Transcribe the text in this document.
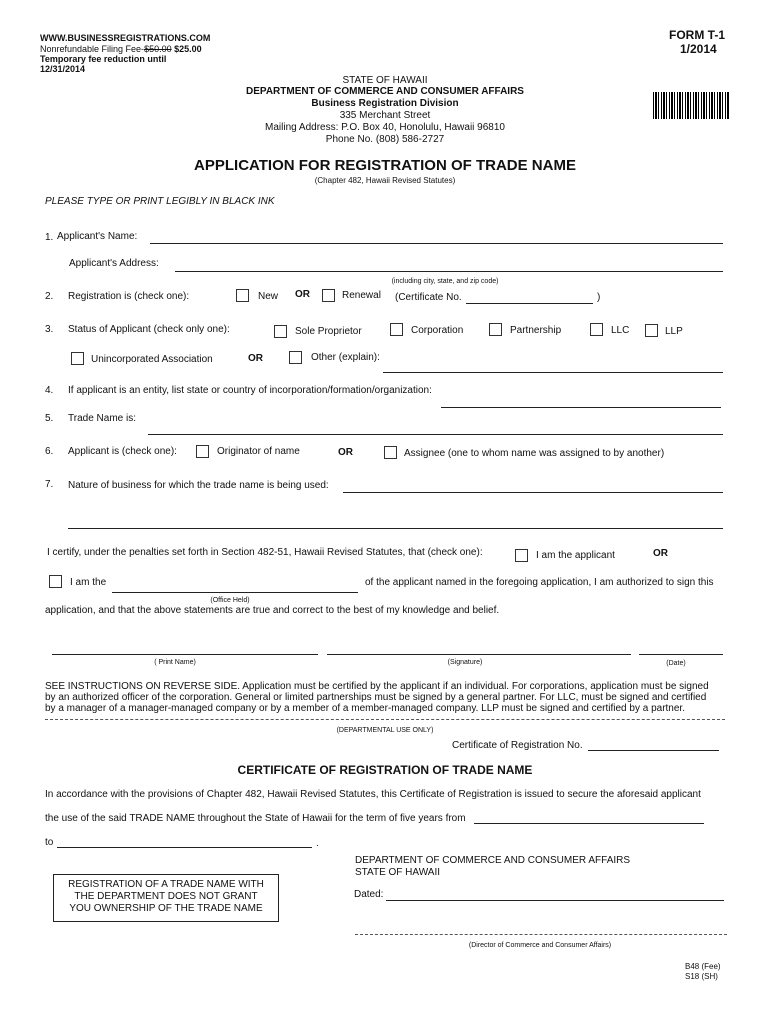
WWW.BUSINESSREGISTRATIONS.COM
Nonrefundable Filing Fee-$50.00 $25.00
Temporary fee reduction until
12/31/2014
FORM T-1
1/2014
STATE OF HAWAII
DEPARTMENT OF COMMERCE AND CONSUMER AFFAIRS
Business Registration Division
335 Merchant Street
Mailing Address: P.O. Box 40, Honolulu, Hawaii 96810
Phone No. (808) 586-2727
APPLICATION FOR REGISTRATION OF TRADE NAME
(Chapter 482, Hawaii Revised Statutes)
PLEASE TYPE OR PRINT LEGIBLY IN BLACK INK
1. Applicant's Name:
Applicant's Address:
(including city, state, and zip code)
2. Registration is (check one):	New OR	Renewal (Certificate No.	)
3. Status of Applicant (check only one):	Sole Proprietor	Corporation	Partnership	LLC	LLP
Unincorporated Association	OR	Other (explain):
4. If applicant is an entity, list state or country of incorporation/formation/organization:
5. Trade Name is:
6. Applicant is (check one):	Originator of name	OR	Assignee (one to whom name was assigned to by another)
7. Nature of business for which the trade name is being used:
I certify, under the penalties set forth in Section 482-51, Hawaii Revised Statutes, that (check one):	I am the applicant	OR
I am the	of the applicant named in the foregoing application, I am authorized to sign this
(Office Held)
application, and that the above statements are true and correct to the best of my knowledge and belief.
( Print Name)	(Signature)	(Date)
SEE INSTRUCTIONS ON REVERSE SIDE. Application must be certified by the applicant if an individual. For corporations, application must be signed
by an authorized officer of the corporation. General or limited partnerships must be signed by a general partner. For LLC, must be signed and certified
by a manager of a manager-managed company or by a member of a member-managed company. LLP must be signed and certified by a partner.
(DEPARTMENTAL USE ONLY)
Certificate of Registration No.
CERTIFICATE OF REGISTRATION OF TRADE NAME
In accordance with the provisions of Chapter 482, Hawaii Revised Statutes, this Certificate of Registration is issued to secure the aforesaid applicant
the use of the said TRADE NAME throughout the State of Hawaii for the term of five years from
to	.
DEPARTMENT OF COMMERCE AND CONSUMER AFFAIRS
STATE OF HAWAII
Dated:
REGISTRATION OF A TRADE NAME WITH
THE DEPARTMENT DOES NOT GRANT
YOU OWNERSHIP OF THE TRADE NAME
(Director of Commerce and Consumer Affairs)
B48 (Fee)
S18 (SH)
